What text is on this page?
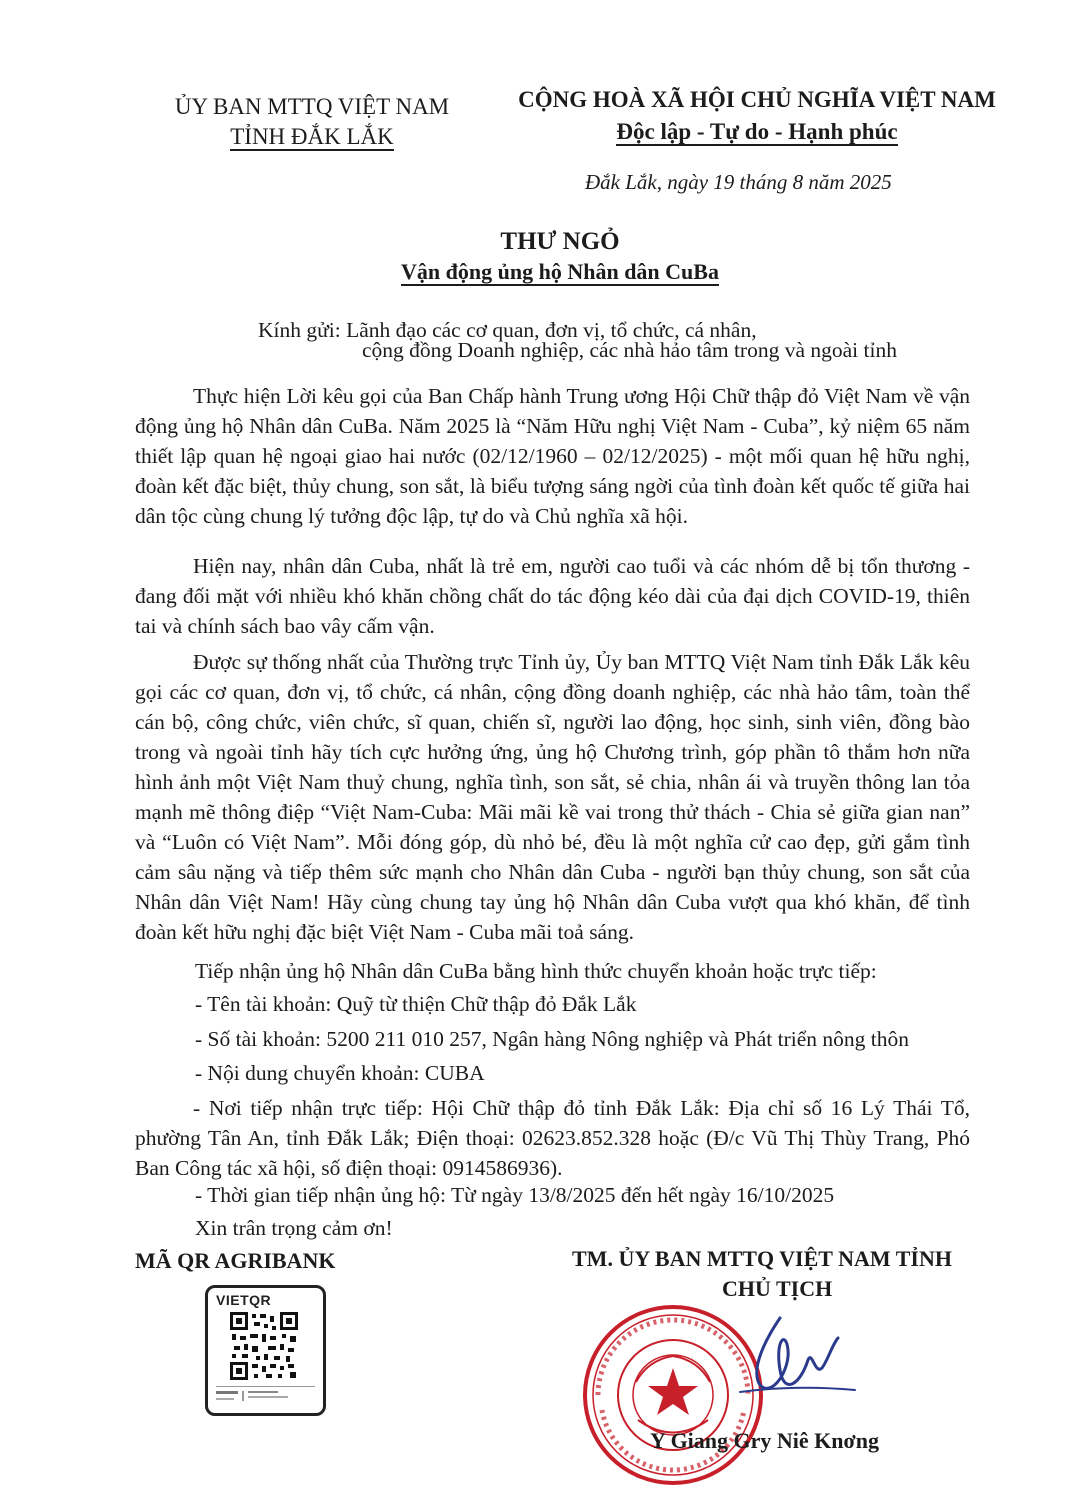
ỦY BAN MTTQ VIỆT NAM
TỈNH ĐẮK LẮK
CỘNG HOÀ XÃ HỘI CHỦ NGHĨA VIỆT NAM
Độc lập - Tự do - Hạnh phúc
Đắk Lắk, ngày 19 tháng 8 năm 2025
THƯ NGỎ
Vận động ủng hộ Nhân dân CuBa
Kính gửi: Lãnh đạo các cơ quan, đơn vị, tổ chức, cá nhân,
cộng đồng Doanh nghiệp, các nhà hảo tâm trong và ngoài tỉnh
Thực hiện Lời kêu gọi của Ban Chấp hành Trung ương Hội Chữ thập đỏ Việt Nam về vận động ủng hộ Nhân dân CuBa. Năm 2025 là “Năm Hữu nghị Việt Nam - Cuba”, kỷ niệm 65 năm thiết lập quan hệ ngoại giao hai nước (02/12/1960 – 02/12/2025) - một mối quan hệ hữu nghị, đoàn kết đặc biệt, thủy chung, son sắt, là biểu tượng sáng ngời của tình đoàn kết quốc tế giữa hai dân tộc cùng chung lý tưởng độc lập, tự do và Chủ nghĩa xã hội.
Hiện nay, nhân dân Cuba, nhất là trẻ em, người cao tuổi và các nhóm dễ bị tổn thương - đang đối mặt với nhiều khó khăn chồng chất do tác động kéo dài của đại dịch COVID-19, thiên tai và chính sách bao vây cấm vận.
Được sự thống nhất của Thường trực Tỉnh ủy, Ủy ban MTTQ Việt Nam tỉnh Đắk Lắk kêu gọi các cơ quan, đơn vị, tổ chức, cá nhân, cộng đồng doanh nghiệp, các nhà hảo tâm, toàn thể cán bộ, công chức, viên chức, sĩ quan, chiến sĩ, người lao động, học sinh, sinh viên, đồng bào trong và ngoài tỉnh hãy tích cực hưởng ứng, ủng hộ Chương trình, góp phần tô thắm hơn nữa hình ảnh một Việt Nam thuỷ chung, nghĩa tình, son sắt, sẻ chia, nhân ái và truyền thông lan tỏa mạnh mẽ thông điệp “Việt Nam-Cuba: Mãi mãi kề vai trong thử thách - Chia sẻ giữa gian nan” và “Luôn có Việt Nam”. Mỗi đóng góp, dù nhỏ bé, đều là một nghĩa cử cao đẹp, gửi gắm tình cảm sâu nặng và tiếp thêm sức mạnh cho Nhân dân Cuba - người bạn thủy chung, son sắt của Nhân dân Việt Nam! Hãy cùng chung tay ủng hộ Nhân dân Cuba vượt qua khó khăn, để tình đoàn kết hữu nghị đặc biệt Việt Nam - Cuba mãi toả sáng.
Tiếp nhận ủng hộ Nhân dân CuBa bằng hình thức chuyển khoản hoặc trực tiếp:
- Tên tài khoản: Quỹ từ thiện Chữ thập đỏ Đắk Lắk
- Số tài khoản: 5200 211 010 257, Ngân hàng Nông nghiệp và Phát triển nông thôn
- Nội dung chuyển khoản: CUBA
- Nơi tiếp nhận trực tiếp: Hội Chữ thập đỏ tỉnh Đắk Lắk: Địa chỉ số 16 Lý Thái Tổ, phường Tân An, tỉnh Đắk Lắk; Điện thoại: 02623.852.328 hoặc (Đ/c Vũ Thị Thùy Trang, Phó Ban Công tác xã hội, số điện thoại: 0914586936).
- Thời gian tiếp nhận ủng hộ: Từ ngày 13/8/2025 đến hết ngày 16/10/2025
Xin trân trọng cảm ơn!
MÃ QR AGRIBANK
VIETQR
TM. ỦY BAN MTTQ VIỆT NAM TỈNH
CHỦ TỊCH
Y Giang Gry Niê Knơng
